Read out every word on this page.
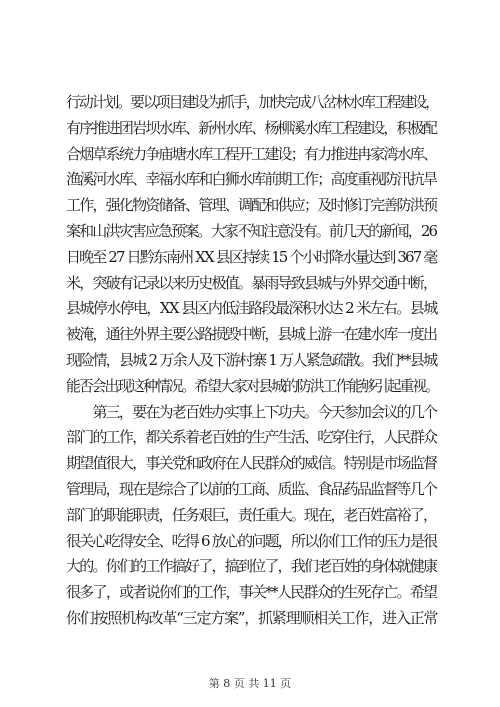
行动计划。要以项目建设为抓手，加快完成八岔林水库工程建设，
有序推进团岩坝水库、新州水库、杨柳溪水库工程建设，积极配
合烟草系统力争庙塘水库工程开工建设；有力推进冉家湾水库、
渔溪河水库、幸福水库和白狮水库前期工作；高度重视防汛抗旱
工作，强化物资储备、管理、调配和供应；及时修订完善防洪预
案和山洪灾害应急预案。大家不知注意没有。前几天的新闻，26
日晚至 27 日黔东南州 XX 县区持续 15 个小时降水量达到 367 毫
米，突破有记录以来历史极值。暴雨导致县城与外界交通中断，
县城停水停电，XX 县区内低洼路段最深积水达 2 米左右。县城
被淹，通往外界主要公路损毁中断，县城上游一在建水库一度出
现险情，县城 2 万余人及下游村寨 1 万人紧急疏散。我们**县城
能否会出现这种情况。希望大家对县城的防洪工作能够引起重视。
　　第三，要在为老百姓办实事上下功夫。今天参加会议的几个
部门的工作，都关系着老百姓的生产生活、吃穿住行，人民群众
期望值很大，事关党和政府在人民群众的威信。特别是市场监督
管理局，现在是综合了以前的工商、质监、食品药品监督等几个
部门的职能职责，任务艰巨，责任重大。现在，老百姓富裕了，
很关心吃得安全、吃得 6 放心的问题，所以你们工作的压力是很
大的。你们的工作搞好了，搞到位了，我们老百姓的身体就健康
很多了，或者说你们的工作，事关**人民群众的生死存亡。希望
你们按照机构改革“三定方案”，抓紧理顺相关工作，进入正常
第 8 页 共 11 页
